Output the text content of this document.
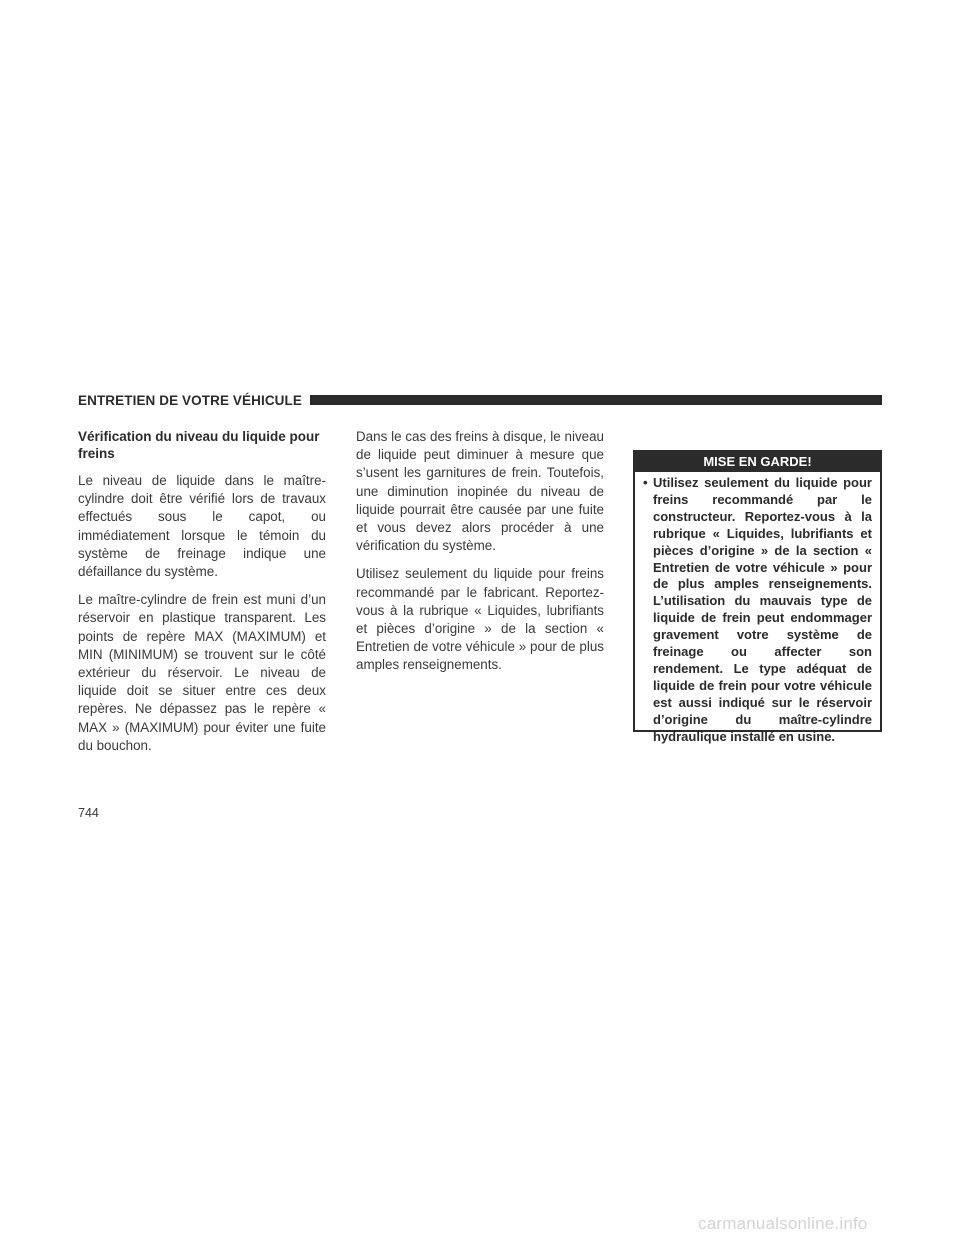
ENTRETIEN DE VOTRE VÉHICULE
Vérification du niveau du liquide pour freins

Le niveau de liquide dans le maître-cylindre doit être vérifié lors de travaux effectués sous le capot, ou immédiatement lorsque le témoin du système de freinage indique une défaillance du système.

Le maître-cylindre de frein est muni d’un réservoir en plastique transparent. Les points de repère MAX (MAXIMUM) et MIN (MINIMUM) se trouvent sur le côté extérieur du réservoir. Le niveau de liquide doit se situer entre ces deux repères. Ne dépassez pas le repère « MAX » (MAXIMUM) pour éviter une fuite du bouchon.

Dans le cas des freins à disque, le niveau de liquide peut diminuer à mesure que s’usent les garnitures de frein. Toutefois, une diminution inopinée du niveau de liquide pourrait être causée par une fuite et vous devez alors procéder à une vérification du système.

Utilisez seulement du liquide pour freins recommandé par le fabricant. Reportez-vous à la rubrique « Liquides, lubrifiants et pièces d’origine » de la section « Entretien de votre véhicule » pour de plus amples renseignements.

MISE EN GARDE!
• Utilisez seulement du liquide pour freins recommandé par le constructeur. Reportez-vous à la rubrique « Liquides, lubrifiants et pièces d’origine » de la section « Entretien de votre véhicule » pour de plus amples renseignements. L’utilisation du mauvais type de liquide de frein peut endommager gravement votre système de freinage ou affecter son rendement. Le type adéquat de liquide de frein pour votre véhicule est aussi indiqué sur le réservoir d’origine du maître-cylindre hydraulique installé en usine.
744
carmanualsonline.info
